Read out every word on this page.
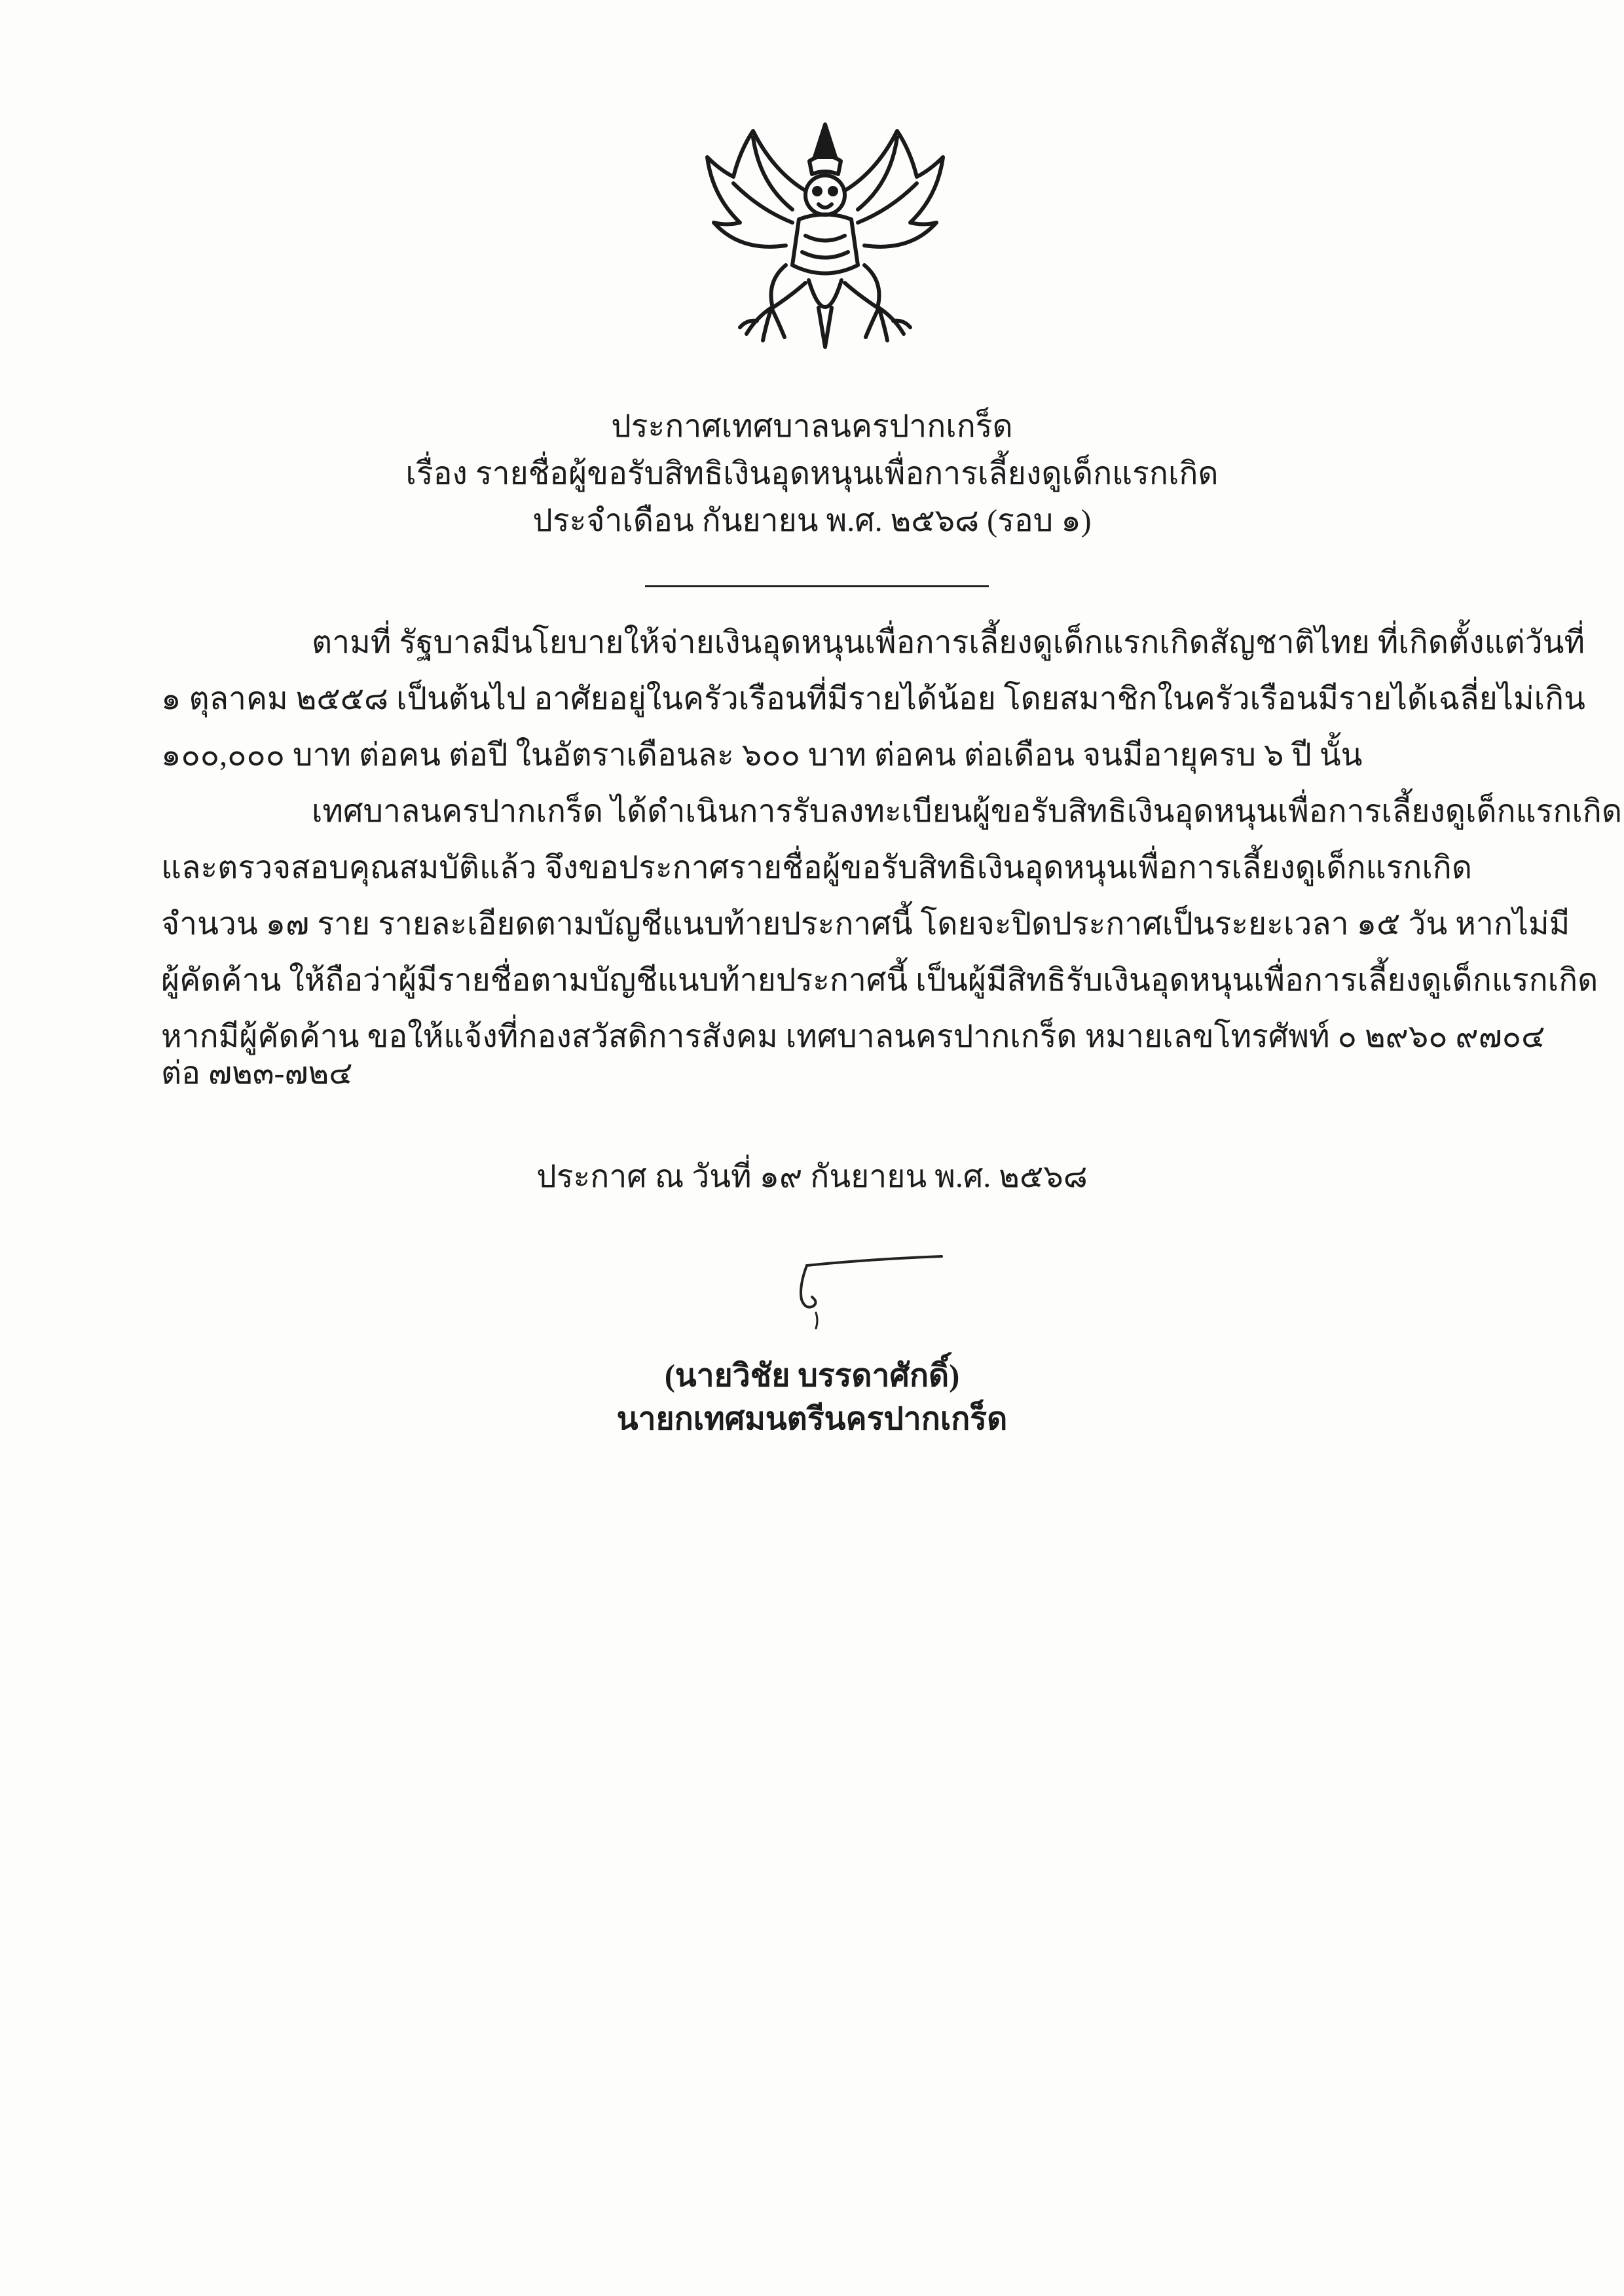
ประกาศเทศบาลนครปากเกร็ด
เรื่อง รายชื่อผู้ขอรับสิทธิเงินอุดหนุนเพื่อการเลี้ยงดูเด็กแรกเกิด
ประจำเดือน กันยายน พ.ศ. ๒๕๖๘ (รอบ ๑)
ตามที่ รัฐบาลมีนโยบายให้จ่ายเงินอุดหนุนเพื่อการเลี้ยงดูเด็กแรกเกิดสัญชาติไทย ที่เกิดตั้งแต่วันที่
๑ ตุลาคม ๒๕๕๘ เป็นต้นไป อาศัยอยู่ในครัวเรือนที่มีรายได้น้อย โดยสมาชิกในครัวเรือนมีรายได้เฉลี่ยไม่เกิน
๑๐๐,๐๐๐ บาท ต่อคน ต่อปี ในอัตราเดือนละ ๖๐๐ บาท ต่อคน ต่อเดือน จนมีอายุครบ ๖ ปี นั้น
เทศบาลนครปากเกร็ด ได้ดำเนินการรับลงทะเบียนผู้ขอรับสิทธิเงินอุดหนุนเพื่อการเลี้ยงดูเด็กแรกเกิด
และตรวจสอบคุณสมบัติแล้ว จึงขอประกาศรายชื่อผู้ขอรับสิทธิเงินอุดหนุนเพื่อการเลี้ยงดูเด็กแรกเกิด
จำนวน ๑๗ ราย รายละเอียดตามบัญชีแนบท้ายประกาศนี้ โดยจะปิดประกาศเป็นระยะเวลา ๑๕ วัน หากไม่มี
ผู้คัดค้าน ให้ถือว่าผู้มีรายชื่อตามบัญชีแนบท้ายประกาศนี้ เป็นผู้มีสิทธิรับเงินอุดหนุนเพื่อการเลี้ยงดูเด็กแรกเกิด
หากมีผู้คัดค้าน ขอให้แจ้งที่กองสวัสดิการสังคม เทศบาลนครปากเกร็ด หมายเลขโทรศัพท์ ๐ ๒๙๖๐ ๙๗๐๔
ต่อ ๗๒๓-๗๒๔
ประกาศ ณ วันที่ ๑๙ กันยายน พ.ศ. ๒๕๖๘
(นายวิชัย บรรดาศักดิ์)
นายกเทศมนตรีนครปากเกร็ด
